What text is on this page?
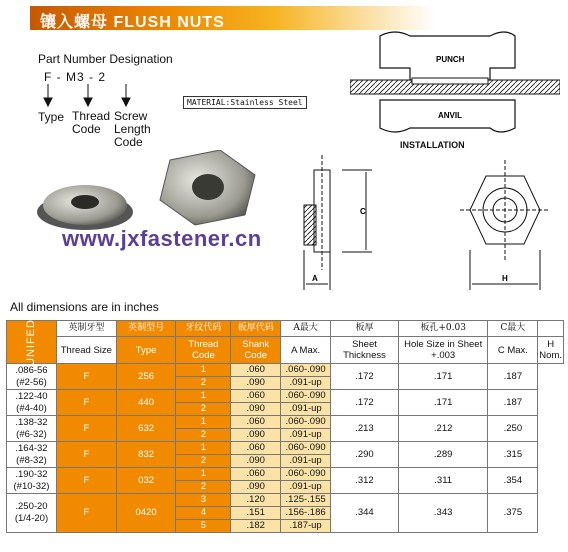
镶入螺母 FLUSH NUTS
Part Number Designation
F - M3 - 2
Type Thread Code
Screw Length Code
MATERIAL:Stainless Steel
PUNCH
ANVIL
INSTALLATION
C
A	H
www.jxfastener.cn
All dimensions are in inches
UNIFED	英制牙型	英制型号	牙纹代码	板厚代码	A最大	板厚	板孔+0.03	C最大	
	Thread Size	Type	Thread Code	Shank Code	A Max.	Sheet Thickness	Hole Size in Sheet +.003	C Max.	H Nom.
.086-56 (#2-56)	F	256	1	.060	.060-.090	.172	.171	.187	
			2	.090	.091-up				
.122-40 (#4-40)	F	440	1	.060	.060-.090	.172	.171	.187	
			2	.090	.091-up				
.138-32 (#6-32)	F	632	1	.060	.060-.090	.213	.212	.250	
			2	.090	.091-up				
.164-32 (#8-32)	F	832	1	.060	.060-.090	.290	.289	.315	
			2	.090	.091-up				
.190-32 (#10-32)	F	032	1	.060	.060-.090	.312	.311	.354	
			2	.090	.091-up				
.250-20 (1/4-20)	F	0420	3	.120	.125-.155	.344	.343	.375	
			4	.151	.156-.186				
			5	.182	.187-up				
